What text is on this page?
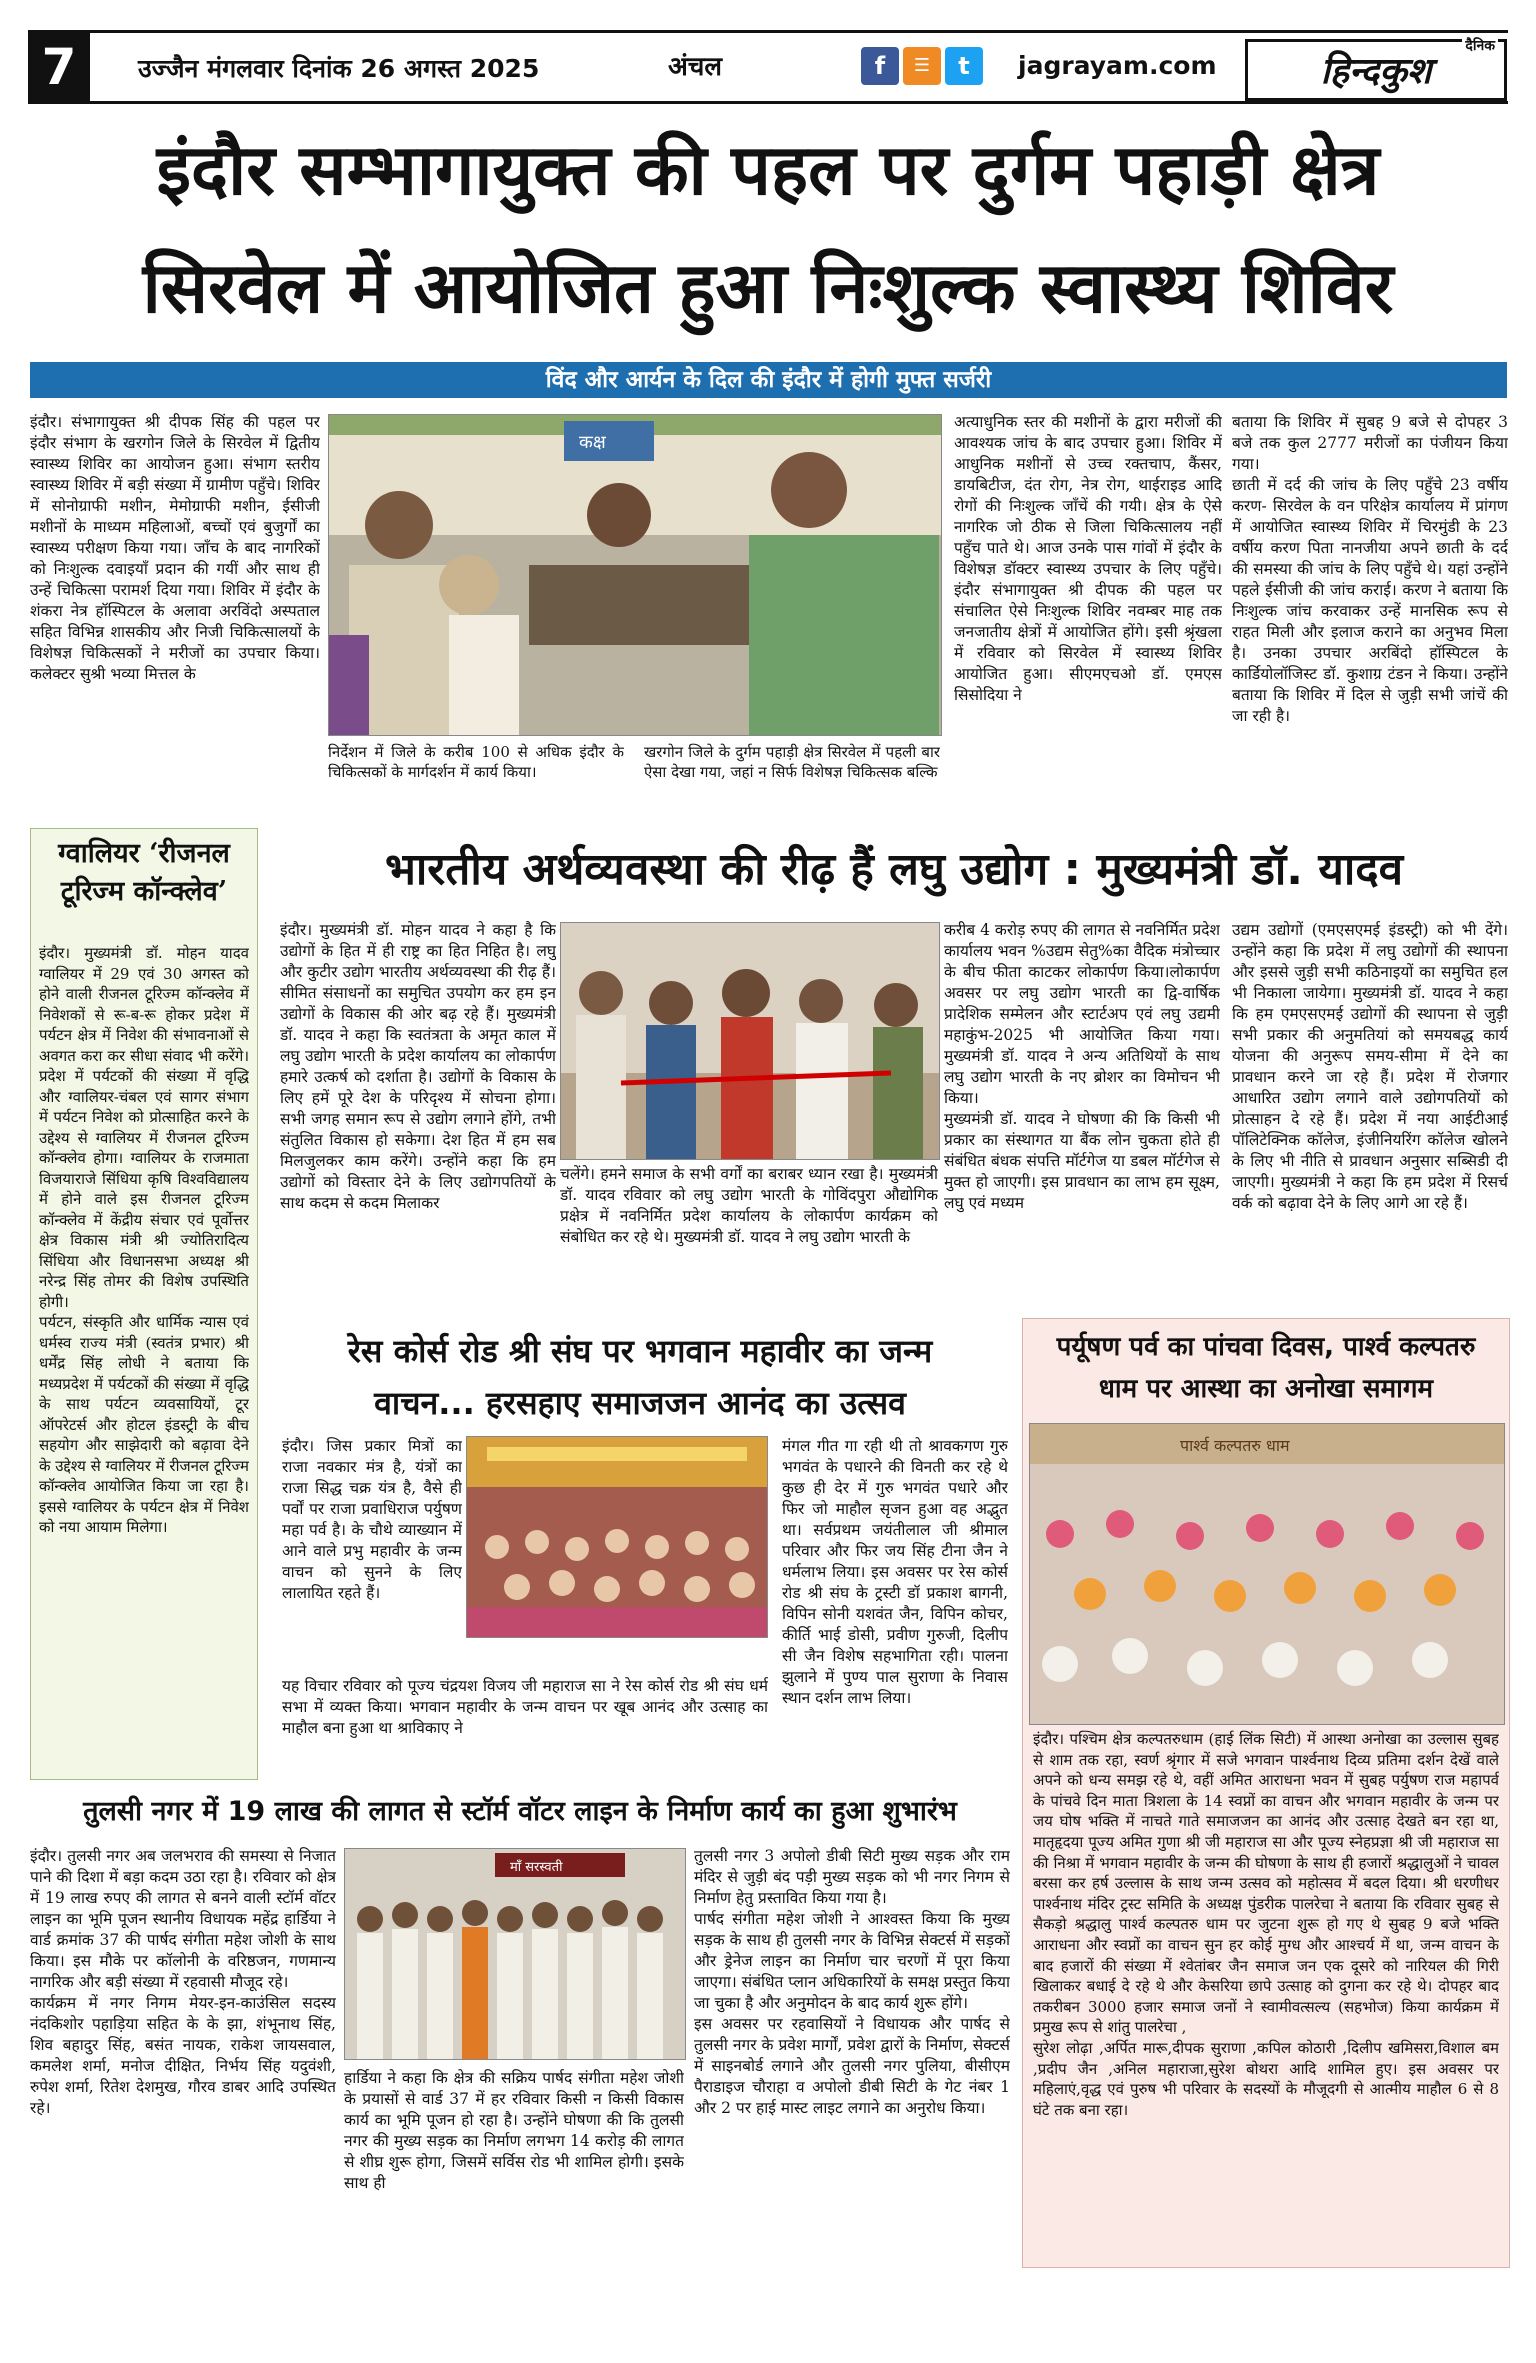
7	उज्जैन मंगलवार दिनांक 26 अगस्त 2025	अंचल	f	☰	t	jagrayam.com
दैनिक
हिन्दकुश
इंदौर सम्भागायुक्त की पहल पर दुर्गम पहाड़ी क्षेत्र
सिरवेल में आयोजित हुआ निःशुल्क स्वास्थ्य शिविर
विंद और आर्यन के दिल की इंदौर में होगी मुफ्त सर्जरी
इंदौर। संभागायुक्त श्री दीपक सिंह की पहल पर इंदौर संभाग के खरगोन जिले के सिरवेल में द्वितीय स्वास्थ्य शिविर का आयोजन हुआ। संभाग स्तरीय स्वास्थ्य शिविर में बड़ी संख्या में ग्रामीण पहुँचे। शिविर में सोनोग्राफी मशीन, मेमोग्राफी मशीन, ईसीजी मशीनों के माध्यम महिलाओं, बच्चों एवं बुजुर्गों का स्वास्थ्य परीक्षण किया गया। जाँच के बाद नागरिकों को निःशुल्क दवाइयाँ प्रदान की गयीं और साथ ही उन्हें चिकित्सा परामर्श दिया गया। शिविर में इंदौर के शंकरा नेत्र हॉस्पिटल के अलावा अरविंदो अस्पताल सहित विभिन्न शासकीय और निजी चिकित्सालयों के विशेषज्ञ चिकित्सकों ने मरीजों का उपचार किया। कलेक्टर सुश्री भव्या मित्तल के
कक्ष
निर्देशन में जिले के करीब 100 से अधिक इंदौर के चिकित्सकों के मार्गदर्शन में कार्य किया।
खरगोन जिले के दुर्गम पहाड़ी क्षेत्र सिरवेल में पहली बार ऐसा देखा गया, जहां न सिर्फ विशेषज्ञ चिकित्सक बल्कि
अत्याधुनिक स्तर की मशीनों के द्वारा मरीजों की आवश्यक जांच के बाद उपचार हुआ। शिविर में आधुनिक मशीनों से उच्च रक्तचाप, कैंसर, डायबिटीज, दंत रोग, नेत्र रोग, थाईराइड आदि रोगों की निःशुल्क जाँचें की गयी। क्षेत्र के ऐसे नागरिक जो ठीक से जिला चिकित्सालय नहीं पहुँच पाते थे। आज उनके पास गांवों में इंदौर के विशेषज्ञ डॉक्टर स्वास्थ्य उपचार के लिए पहुँचे। इंदौर संभागायुक्त श्री दीपक की पहल पर संचालित ऐसे निःशुल्क शिविर नवम्बर माह तक जनजातीय क्षेत्रों में आयोजित होंगे। इसी श्रृंखला में रविवार को सिरवेल में स्वास्थ्य शिविर आयोजित हुआ। सीएमएचओ डॉ. एमएस सिसोदिया ने
बताया कि शिविर में सुबह 9 बजे से दोपहर 3 बजे तक कुल 2777 मरीजों का पंजीयन किया गया।
छाती में दर्द की जांच के लिए पहुँचे 23 वर्षीय करण- सिरवेल के वन परिक्षेत्र कार्यालय में प्रांगण में आयोजित स्वास्थ्य शिविर में चिरमुंडी के 23 वर्षीय करण पिता नानजीया अपने छाती के दर्द की समस्या की जांच के लिए पहुँचे थे। यहां उन्होंने पहले ईसीजी की जांच कराई। करण ने बताया कि निःशुल्क जांच करवाकर उन्हें मानसिक रूप से राहत मिली और इलाज कराने का अनुभव मिला है। उनका उपचार अरबिंदो हॉस्पिटल के कार्डियोलॉजिस्ट डॉ. कुशाग्र टंडन ने किया। उन्होंने बताया कि शिविर में दिल से जुड़ी सभी जांचें की जा रही है।
ग्वालियर ‘रीजनल टूरिज्म कॉन्क्लेव’
इंदौर। मुख्यमंत्री डॉ. मोहन यादव ग्वालियर में 29 एवं 30 अगस्त को होने वाली रीजनल टूरिज्म कॉन्क्लेव में निवेशकों से रू-ब-रू होकर प्रदेश में पर्यटन क्षेत्र में निवेश की संभावनाओं से अवगत करा कर सीधा संवाद भी करेंगे। प्रदेश में पर्यटकों की संख्या में वृद्धि और ग्वालियर-चंबल एवं सागर संभाग में पर्यटन निवेश को प्रोत्साहित करने के उद्देश्य से ग्वालियर में रीजनल टूरिज्म कॉन्क्लेव होगा। ग्वालियर के राजमाता विजयाराजे सिंधिया कृषि विश्वविद्यालय में होने वाले इस रीजनल टूरिज्म कॉन्क्लेव में केंद्रीय संचार एवं पूर्वोत्तर क्षेत्र विकास मंत्री श्री ज्योतिरादित्य सिंधिया और विधानसभा अध्यक्ष श्री नरेन्द्र सिंह तोमर की विशेष उपस्थिति होगी।
पर्यटन, संस्कृति और धार्मिक न्यास एवं धर्मस्व राज्य मंत्री (स्वतंत्र प्रभार) श्री धर्मेंद्र सिंह लोधी ने बताया कि मध्यप्रदेश में पर्यटकों की संख्या में वृद्धि के साथ पर्यटन व्यवसायियों, टूर ऑपरेटर्स और होटल इंडस्ट्री के बीच सहयोग और साझेदारी को बढ़ावा देने के उद्देश्य से ग्वालियर में रीजनल टूरिज्म कॉन्क्लेव आयोजित किया जा रहा है। इससे ग्वालियर के पर्यटन क्षेत्र में निवेश को नया आयाम मिलेगा।
भारतीय अर्थव्यवस्था की रीढ़ हैं लघु उद्योग : मुख्यमंत्री डॉ. यादव
इंदौर। मुख्यमंत्री डॉ. मोहन यादव ने कहा है कि उद्योगों के हित में ही राष्ट्र का हित निहित है। लघु और कुटीर उद्योग भारतीय अर्थव्यवस्था की रीढ़ हैं। सीमित संसाधनों का समुचित उपयोग कर हम इन उद्योगों के विकास की ओर बढ़ रहे हैं। मुख्यमंत्री डॉ. यादव ने कहा कि स्वतंत्रता के अमृत काल में लघु उद्योग भारती के प्रदेश कार्यालय का लोकार्पण हमारे उत्कर्ष को दर्शाता है। उद्योगों के विकास के लिए हमें पूरे देश के परिदृश्य में सोचना होगा। सभी जगह समान रूप से उद्योग लगाने होंगे, तभी संतुलित विकास हो सकेगा। देश हित में हम सब मिलजुलकर काम करेंगे। उन्होंने कहा कि हम उद्योगों को विस्तार देने के लिए उद्योगपतियों के साथ कदम से कदम मिलाकर
चलेंगे। हमने समाज के सभी वर्गों का बराबर ध्यान रखा है। मुख्यमंत्री डॉ. यादव रविवार को लघु उद्योग भारती के गोविंदपुरा औद्योगिक प्रक्षेत्र में नवनिर्मित प्रदेश कार्यालय के लोकार्पण कार्यक्रम को संबोधित कर रहे थे। मुख्यमंत्री डॉ. यादव ने लघु उद्योग भारती के
करीब 4 करोड़ रुपए की लागत से नवनिर्मित प्रदेश कार्यालय भवन %उद्यम सेतु%का वैदिक मंत्रोच्चार के बीच फीता काटकर लोकार्पण किया।लोकार्पण अवसर पर लघु उद्योग भारती का द्वि-वार्षिक प्रादेशिक सम्मेलन और स्टार्टअप एवं लघु उद्यमी महाकुंभ-2025 भी आयोजित किया गया। मुख्यमंत्री डॉ. यादव ने अन्य अतिथियों के साथ लघु उद्योग भारती के नए ब्रोशर का विमोचन भी किया।
मुख्यमंत्री डॉ. यादव ने घोषणा की कि किसी भी प्रकार का संस्थागत या बैंक लोन चुकता होते ही संबंधित बंधक संपत्ति मॉर्टगेज या डबल मॉर्टगेज से मुक्त हो जाएगी। इस प्रावधान का लाभ हम सूक्ष्म, लघु एवं मध्यम
उद्यम उद्योगों (एमएसएमई इंडस्ट्री) को भी देंगे। उन्होंने कहा कि प्रदेश में लघु उद्योगों की स्थापना और इससे जुड़ी सभी कठिनाइयों का समुचित हल भी निकाला जायेगा। मुख्यमंत्री डॉ. यादव ने कहा कि हम एमएसएमई उद्योगों की स्थापना से जुड़ी सभी प्रकार की अनुमतियां को समयबद्ध कार्य योजना की अनुरूप समय-सीमा में देने का प्रावधान करने जा रहे हैं। प्रदेश में रोजगार आधारित उद्योग लगाने वाले उद्योगपतियों को प्रोत्साहन दे रहे हैं। प्रदेश में नया आईटीआई पॉलिटेक्निक कॉलेज, इंजीनियरिंग कॉलेज खोलने के लिए भी नीति से प्रावधान अनुसार सब्सिडी दी जाएगी। मुख्यमंत्री ने कहा कि हम प्रदेश में रिसर्च वर्क को बढ़ावा देने के लिए आगे आ रहे हैं।
रेस कोर्स रोड श्री संघ पर भगवान महावीर का जन्म
वाचन... हरसहाए समाजजन आनंद का उत्सव
इंदौर। जिस प्रकार मित्रों का राजा नवकार मंत्र है, यंत्रों का राजा सिद्ध चक्र यंत्र है, वैसे ही पर्वों पर राजा प्रवाधिराज पर्युषण महा पर्व है। के चौथे व्याख्यान में आने वाले प्रभु महावीर के जन्म वाचन को सुनने के लिए लालायित रहते हैं।
यह विचार रविवार को पूज्य चंद्रयश विजय जी महाराज सा ने रेस कोर्स रोड श्री संघ धर्म सभा में व्यक्त किया। भगवान महावीर के जन्म वाचन पर खूब आनंद और उत्साह का माहौल बना हुआ था श्राविकाए ने
मंगल गीत गा रही थी तो श्रावकगण गुरु भगवंत के पधारने की विनती कर रहे थे कुछ ही देर में गुरु भगवंत पधारे और फिर जो माहौल सृजन हुआ वह अद्भुत था। सर्वप्रथम जयंतीलाल जी श्रीमाल परिवार और फिर जय सिंह टीना जैन ने धर्मलाभ लिया। इस अवसर पर रेस कोर्स रोड श्री संघ के ट्रस्टी डॉ प्रकाश बागनी, विपिन सोनी यशवंत जैन, विपिन कोचर, कीर्ति भाई डोसी, प्रवीण गुरुजी, दिलीप सी जैन विशेष सहभागिता रही। पालना झुलाने में पुण्य पाल सुराणा के निवास स्थान दर्शन लाभ लिया।
पर्यूषण पर्व का पांचवा दिवस, पार्श्व कल्पतरु
धाम पर आस्था का अनोखा समागम
पार्श्व कल्पतरु धाम
इंदौर। पश्चिम क्षेत्र कल्पतरुधाम (हाई लिंक सिटी) में आस्था अनोखा का उल्लास सुबह से शाम तक रहा, स्वर्ण श्रृंगार में सजे भगवान पार्श्वनाथ दिव्य प्रतिमा दर्शन देखें वाले अपने को धन्य समझ रहे थे, वहीं अमित आराधना भवन में सुबह पर्युषण राज महापर्व के पांचवे दिन माता त्रिशला के 14 स्वप्नों का वाचन और भगवान महावीर के जन्म पर जय घोष भक्ति में नाचते गाते समाजजन का आनंद और उत्साह देखते बन रहा था, मातृहृदया पूज्य अमित गुणा श्री जी महाराज सा और पूज्य स्नेहप्रज्ञा श्री जी महाराज सा की निश्रा में भगवान महावीर के जन्म की घोषणा के साथ ही हजारों श्रद्धालुओं ने चावल बरसा कर हर्ष उल्लास के साथ जन्म उत्सव को महोत्सव में बदल दिया। श्री धरणीधर पार्श्वनाथ मंदिर ट्रस्ट समिति के अध्यक्ष पुंडरीक पालरेचा ने बताया कि रविवार सुबह से सैकड़ो श्रद्धालु पार्श्व कल्पतरु धाम पर जुटना शुरू हो गए थे सुबह 9 बजे भक्ति आराधना और स्वप्नों का वाचन सुन हर कोई मुग्ध और आश्चर्य में था, जन्म वाचन के बाद हजारों की संख्या में श्वेतांबर जैन समाज जन एक दूसरे को नारियल की गिरी खिलाकर बधाई दे रहे थे और केसरिया छापे उत्साह को दुगना कर रहे थे। दोपहर बाद तकरीबन 3000 हजार समाज जनों ने स्वामीवत्सल्य (सहभोज) किया कार्यक्रम में प्रमुख रूप से शांतु पालरेचा ,
सुरेश लोढ़ा ,अर्पित मारू,दीपक सुराणा ,कपिल कोठारी ,दिलीप खमिसरा,विशाल बम ,प्रदीप जैन ,अनिल महाराजा,सुरेश बोथरा आदि शामिल हुए। इस अवसर पर महिलाएं,वृद्ध एवं पुरुष भी परिवार के सदस्यों के मौजूदगी से आत्मीय माहौल 6 से 8 घंटे तक बना रहा।
तुलसी नगर में 19 लाख की लागत से स्टॉर्म वॉटर लाइन के निर्माण कार्य का हुआ शुभारंभ
इंदौर। तुलसी नगर अब जलभराव की समस्या से निजात पाने की दिशा में बड़ा कदम उठा रहा है। रविवार को क्षेत्र में 19 लाख रुपए की लागत से बनने वाली स्टॉर्म वॉटर लाइन का भूमि पूजन स्थानीय विधायक महेंद्र हार्डिया ने वार्ड क्रमांक 37 की पार्षद संगीता महेश जोशी के साथ किया। इस मौके पर कॉलोनी के वरिष्ठजन, गणमान्य नागरिक और बड़ी संख्या में रहवासी मौजूद रहे।
कार्यक्रम में नगर निगम मेयर-इन-काउंसिल सदस्य नंदकिशोर पहाड़िया सहित के के झा, शंभूनाथ सिंह, शिव बहादुर सिंह, बसंत नायक, राकेश जायसवाल, कमलेश शर्मा, मनोज दीक्षित, निर्भय सिंह यदुवंशी, रुपेश शर्मा, रितेश देशमुख, गौरव डाबर आदि उपस्थित रहे।
माँ सरस्वती
हार्डिया ने कहा कि क्षेत्र की सक्रिय पार्षद संगीता महेश जोशी के प्रयासों से वार्ड 37 में हर रविवार किसी न किसी विकास कार्य का भूमि पूजन हो रहा है। उन्होंने घोषणा की कि तुलसी नगर की मुख्य सड़क का निर्माण लगभग 14 करोड़ की लागत से शीघ्र शुरू होगा, जिसमें सर्विस रोड भी शामिल होगी। इसके साथ ही
तुलसी नगर 3 अपोलो डीबी सिटी मुख्य सड़क और राम मंदिर से जुड़ी बंद पड़ी मुख्य सड़क को भी नगर निगम से निर्माण हेतु प्रस्तावित किया गया है।
पार्षद संगीता महेश जोशी ने आश्वस्त किया कि मुख्य सड़क के साथ ही तुलसी नगर के विभिन्न सेक्टर्स में सड़कों और ड्रेनेज लाइन का निर्माण चार चरणों में पूरा किया जाएगा। संबंधित प्लान अधिकारियों के समक्ष प्रस्तुत किया जा चुका है और अनुमोदन के बाद कार्य शुरू होंगे।
इस अवसर पर रहवासियों ने विधायक और पार्षद से तुलसी नगर के प्रवेश मार्गों, प्रवेश द्वारों के निर्माण, सेक्टर्स में साइनबोर्ड लगाने और तुलसी नगर पुलिया, बीसीएम पैराडाइज चौराहा व अपोलो डीबी सिटी के गेट नंबर 1 और 2 पर हाई मास्ट लाइट लगाने का अनुरोध किया।
